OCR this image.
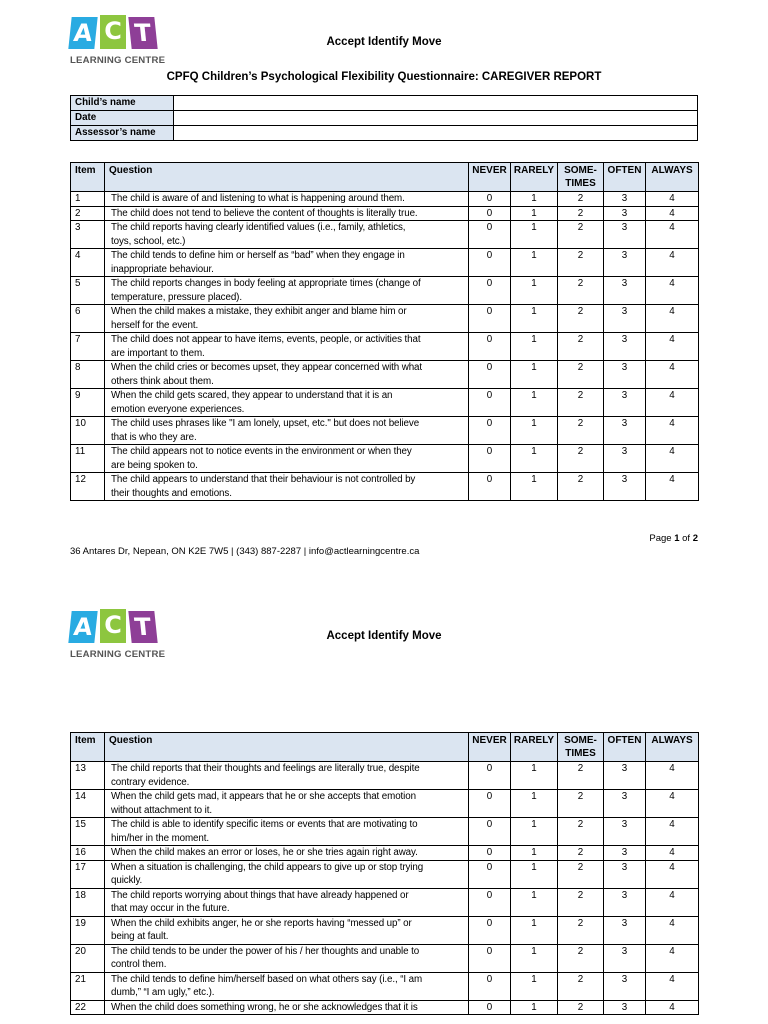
A C T
LEARNING CENTRE
Accept Identify Move
CPFQ Children’s Psychological Flexibility Questionnaire: CAREGIVER REPORT
Child’s name	
Date	
Assessor’s name	
Item	Question	NEVER	RARELY	SOME-
TIMES	OFTEN	ALWAYS
1	The child is aware of and listening to what is happening around them.	0	1	2	3	4
2	The child does not tend to believe the content of thoughts is literally true.	0	1	2	3	4
3	The child reports having clearly identified values (i.e., family, athletics,
toys, school, etc.)	0	1	2	3	4
4	The child tends to define him or herself as “bad” when they engage in
inappropriate behaviour.	0	1	2	3	4
5	The child reports changes in body feeling at appropriate times (change of
temperature, pressure placed).	0	1	2	3	4
6	When the child makes a mistake, they exhibit anger and blame him or
herself for the event.	0	1	2	3	4
7	The child does not appear to have items, events, people, or activities that
are important to them.	0	1	2	3	4
8	When the child cries or becomes upset, they appear concerned with what
others think about them.	0	1	2	3	4
9	When the child gets scared, they appear to understand that it is an
emotion everyone experiences.	0	1	2	3	4
10	The child uses phrases like "I am lonely, upset, etc." but does not believe
that is who they are.	0	1	2	3	4
11	The child appears not to notice events in the environment or when they
are being spoken to.	0	1	2	3	4
12	The child appears to understand that their behaviour is not controlled by
their thoughts and emotions.	0	1	2	3	4
Page 1 of 2
36 Antares Dr, Nepean, ON K2E 7W5 | (343) 887-2287 | info@actlearningcentre.ca
A C T
LEARNING CENTRE
Accept Identify Move
Item	Question	NEVER	RARELY	SOME-
TIMES	OFTEN	ALWAYS
13	The child reports that their thoughts and feelings are literally true, despite
contrary evidence.	0	1	2	3	4
14	When the child gets mad, it appears that he or she accepts that emotion
without attachment to it.	0	1	2	3	4
15	The child is able to identify specific items or events that are motivating to
him/her in the moment.	0	1	2	3	4
16	When the child makes an error or loses, he or she tries again right away.	0	1	2	3	4
17	When a situation is challenging, the child appears to give up or stop trying
quickly.	0	1	2	3	4
18	The child reports worrying about things that have already happened or
that may occur in the future.	0	1	2	3	4
19	When the child exhibits anger, he or she reports having “messed up” or
being at fault.	0	1	2	3	4
20	The child tends to be under the power of his / her thoughts and unable to
control them.	0	1	2	3	4
21	The child tends to define him/herself based on what others say (i.e., “I am
dumb,” “I am ugly,” etc.).	0	1	2	3	4
22	When the child does something wrong, he or she acknowledges that it is	0	1	2	3	4
